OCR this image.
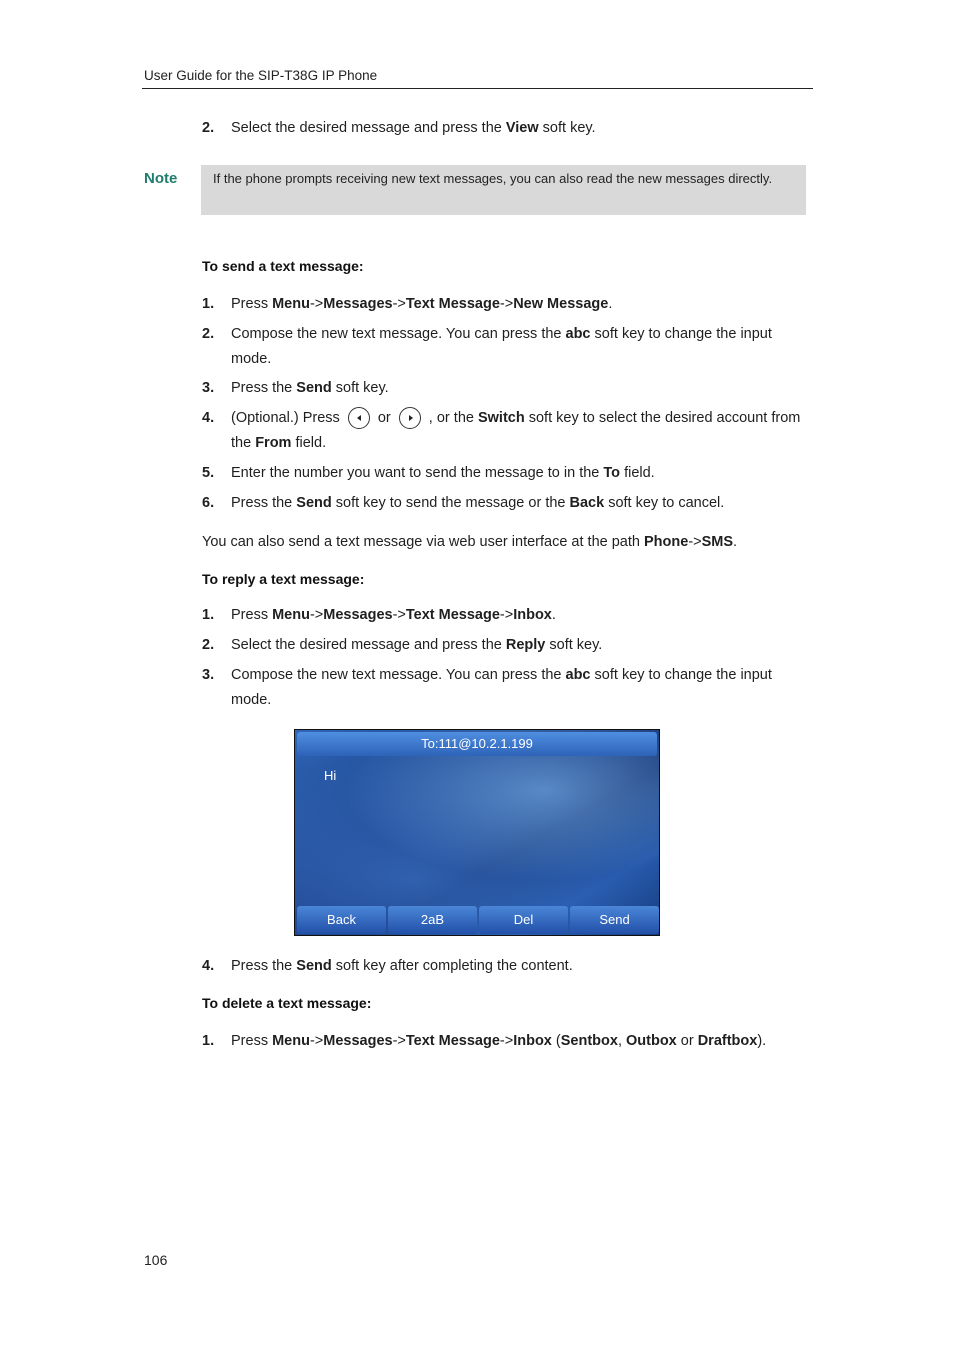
User Guide for the SIP-T38G IP Phone
2. Select the desired message and press the View soft key.
Note	If the phone prompts receiving new text messages, you can also read the new messages directly.
To send a text message:
1. Press Menu->Messages->Text Message->New Message.
2. Compose the new text message. You can press the abc soft key to change the input mode.
3. Press the Send soft key.
4. (Optional.) Press  or  , or the Switch soft key to select the desired account from the From field.
5. Enter the number you want to send the message to in the To field.
6. Press the Send soft key to send the message or the Back soft key to cancel.
You can also send a text message via web user interface at the path Phone->SMS.
To reply a text message:
1. Press Menu->Messages->Text Message->Inbox.
2. Select the desired message and press the Reply soft key.
3. Compose the new text message. You can press the abc soft key to change the input mode.
To:111@10.2.1.199
Hi
Back	2aB	Del	Send
4. Press the Send soft key after completing the content.
To delete a text message:
1. Press Menu->Messages->Text Message->Inbox (Sentbox, Outbox or Draftbox).
106
